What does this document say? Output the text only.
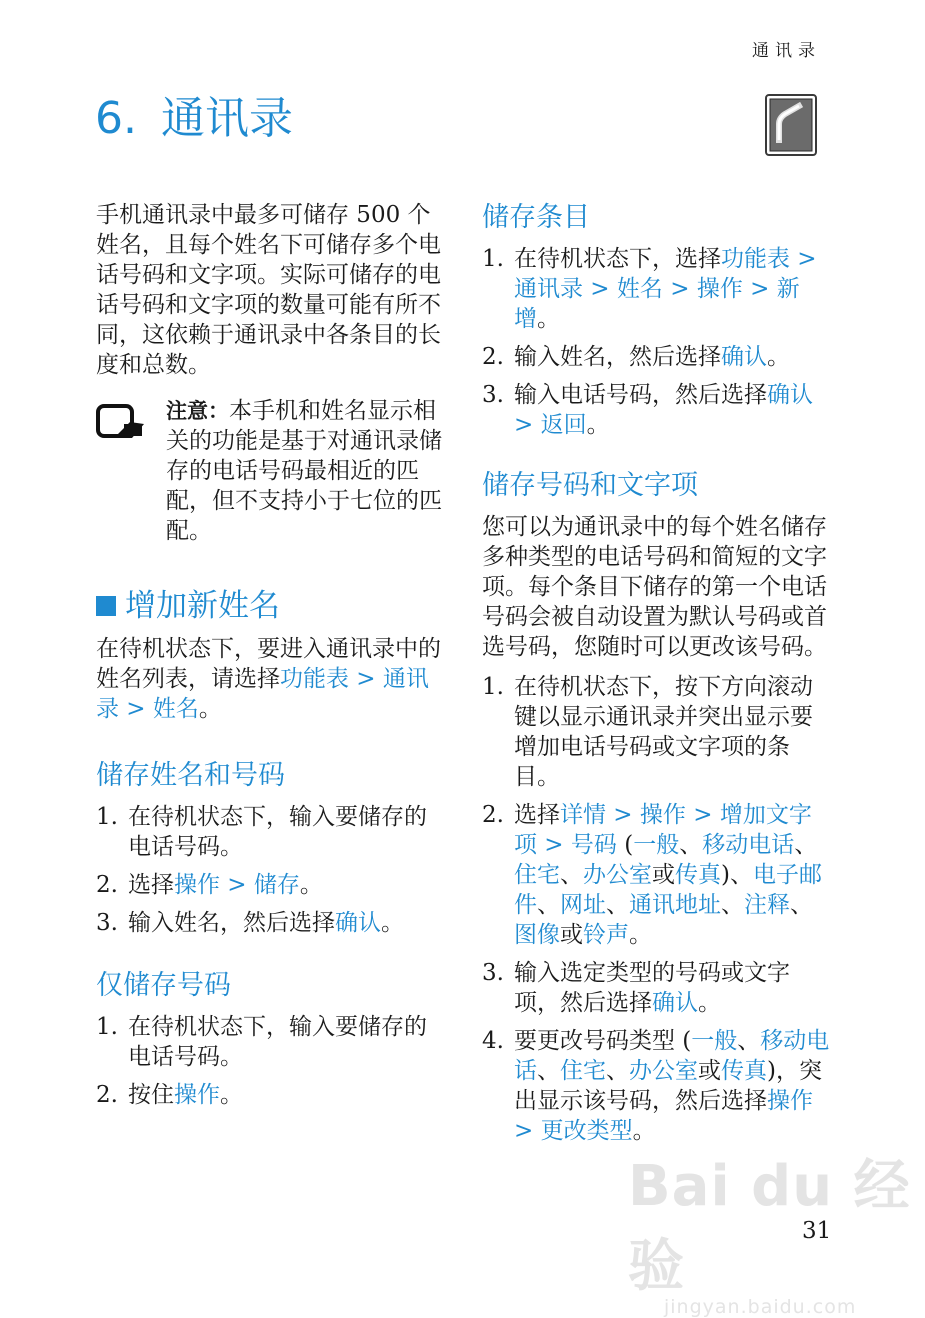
通讯录
6. 通讯录

手机通讯录中最多可储存 500 个姓名，且每个姓名下可储存多个电话号码和文字项。实际可储存的电话号码和文字项的数量可能有所不同，这依赖于通讯录中各条目的长度和总数。

注意：本手机和姓名显示相关的功能是基于对通讯录储存的电话号码最相近的匹配，但不支持小于七位的匹配。
增加新姓名

在待机状态下，要进入通讯录中的姓名列表，请选择功能表 > 通讯录 > 姓名。

储存姓名和号码
1. 在待机状态下，输入要储存的电话号码。
2. 选择操作 > 储存。
3. 输入姓名，然后选择确认。
仅储存号码
1. 在待机状态下，输入要储存的电话号码。
2. 按住操作。
储存条目
1. 在待机状态下，选择功能表 > 通讯录 > 姓名 > 操作 > 新增。
2. 输入姓名，然后选择确认。
3. 输入电话号码，然后选择确认 > 返回。
储存号码和文字项

您可以为通讯录中的每个姓名储存多种类型的电话号码和简短的文字项。每个条目下储存的第一个电话号码会被自动设置为默认号码或首选号码，您随时可以更改该号码。

1. 在待机状态下，按下方向滚动键以显示通讯录并突出显示要增加电话号码或文字项的条目。
2. 选择详情 > 操作 > 增加文字项 > 号码 (一般、移动电话、住宅、办公室或传真)、电子邮件、网址、通讯地址、注释、图像或铃声。
3. 输入选定类型的号码或文字项，然后选择确认。
4. 要更改号码类型 (一般、移动电话、住宅、办公室或传真)，突出显示该号码，然后选择操作 > 更改类型。
Bai du 经验
jingyan.baidu.com
31
